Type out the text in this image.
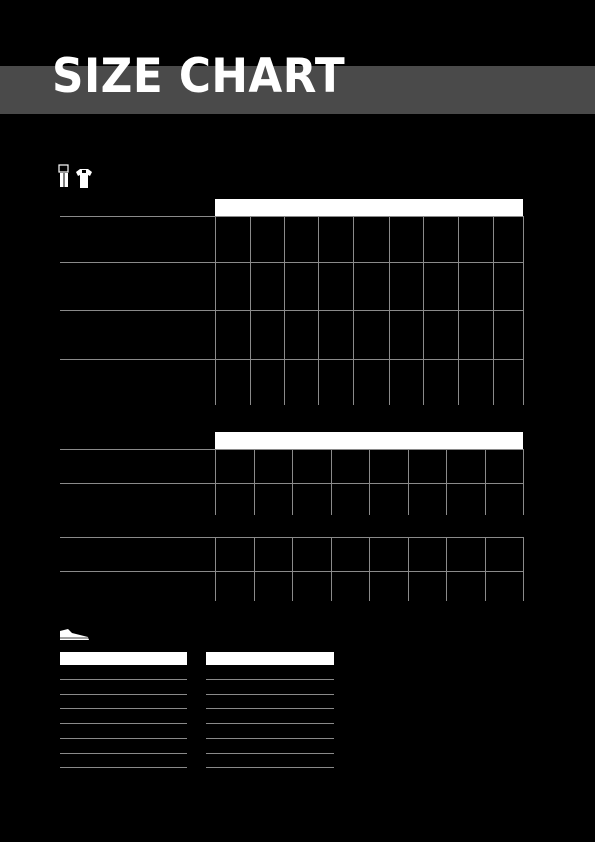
SIZE CHART
